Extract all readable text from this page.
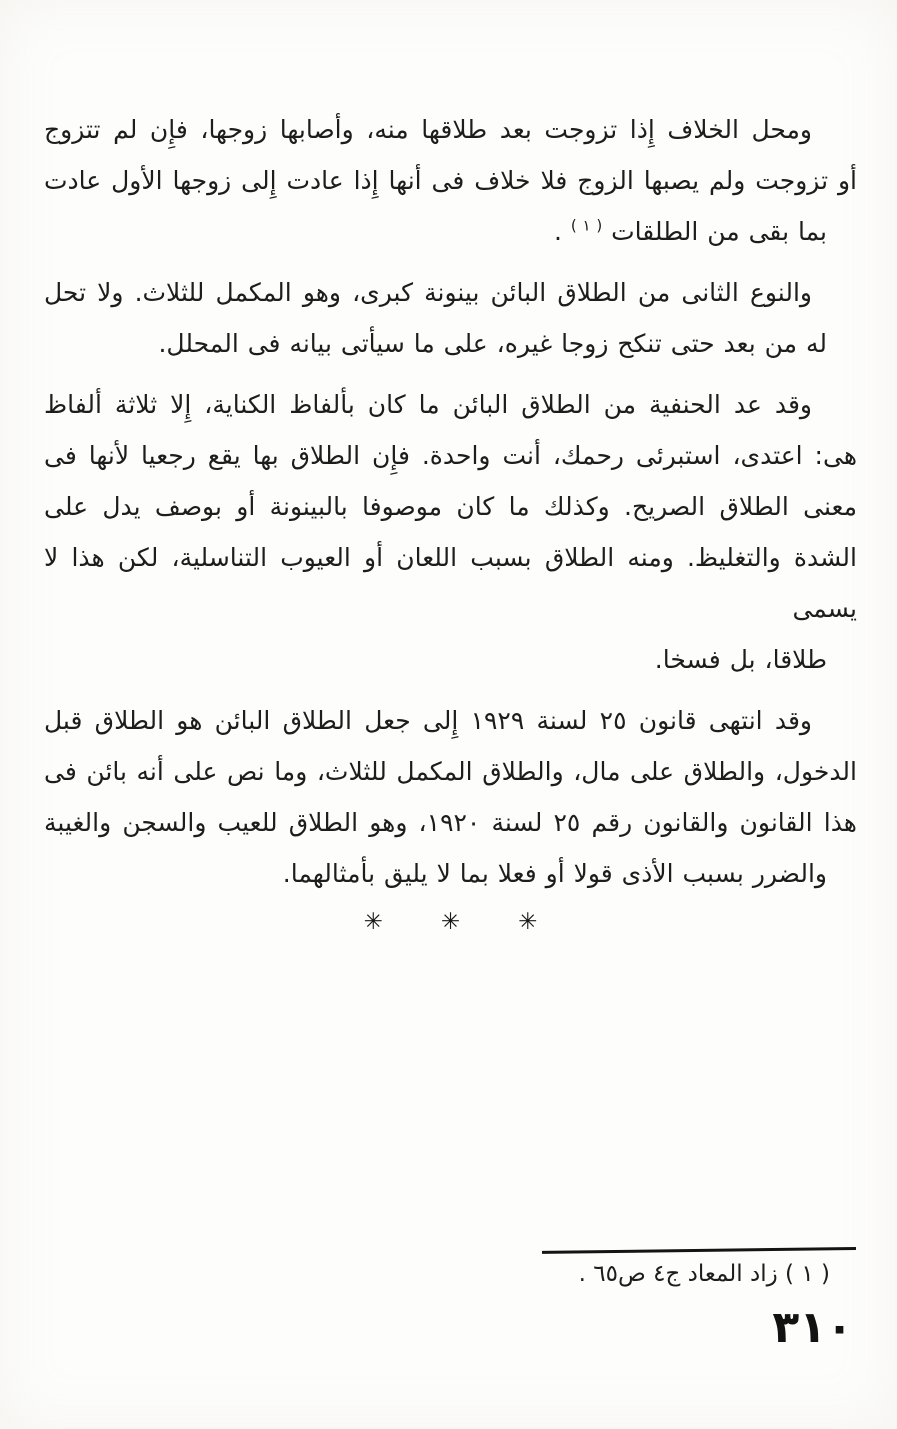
ومحل الخلاف إِذا تزوجت بعد طلاقها منه، وأصابها زوجها، فإِن لم تتزوج
أو تزوجت ولم يصبها الزوج فلا خلاف فى أنها إِذا عادت إِلى زوجها الأول عادت
بما بقى من الطلقات $^{( ١ )}$ .

والنوع الثانى من الطلاق البائن بينونة كبرى، وهو المكمل للثلاث. ولا تحل
له من بعد حتى تنكح زوجا غيره، على ما سيأتى بيانه فى المحلل.

وقد عد الحنفية من الطلاق البائن ما كان بألفاظ الكناية، إِلا ثلاثة ألفاظ
هى: اعتدى، استبرئى رحمك، أنت واحدة. فإِن الطلاق بها يقع رجعيا لأنها فى
معنى الطلاق الصريح. وكذلك ما كان موصوفا بالبينونة أو بوصف يدل على
الشدة والتغليظ. ومنه الطلاق بسبب اللعان أو العيوب التناسلية، لكن هذا لا يسمى
طلاقا، بل فسخا.

وقد انتهى قانون ٢٥ لسنة ١٩٢٩ إِلى جعل الطلاق البائن هو الطلاق قبل
الدخول، والطلاق على مال، والطلاق المكمل للثلاث، وما نص على أنه بائن فى
هذا القانون والقانون رقم ٢٥ لسنة ١٩٢٠، وهو الطلاق للعيب والسجن والغيبة
والضرر بسبب الأذى قولا أو فعلا بما لا يليق بأمثالهما.

✳
✳
✳
( ١ ) زاد المعاد ج٤ ص٦٥ .
٣١٠
